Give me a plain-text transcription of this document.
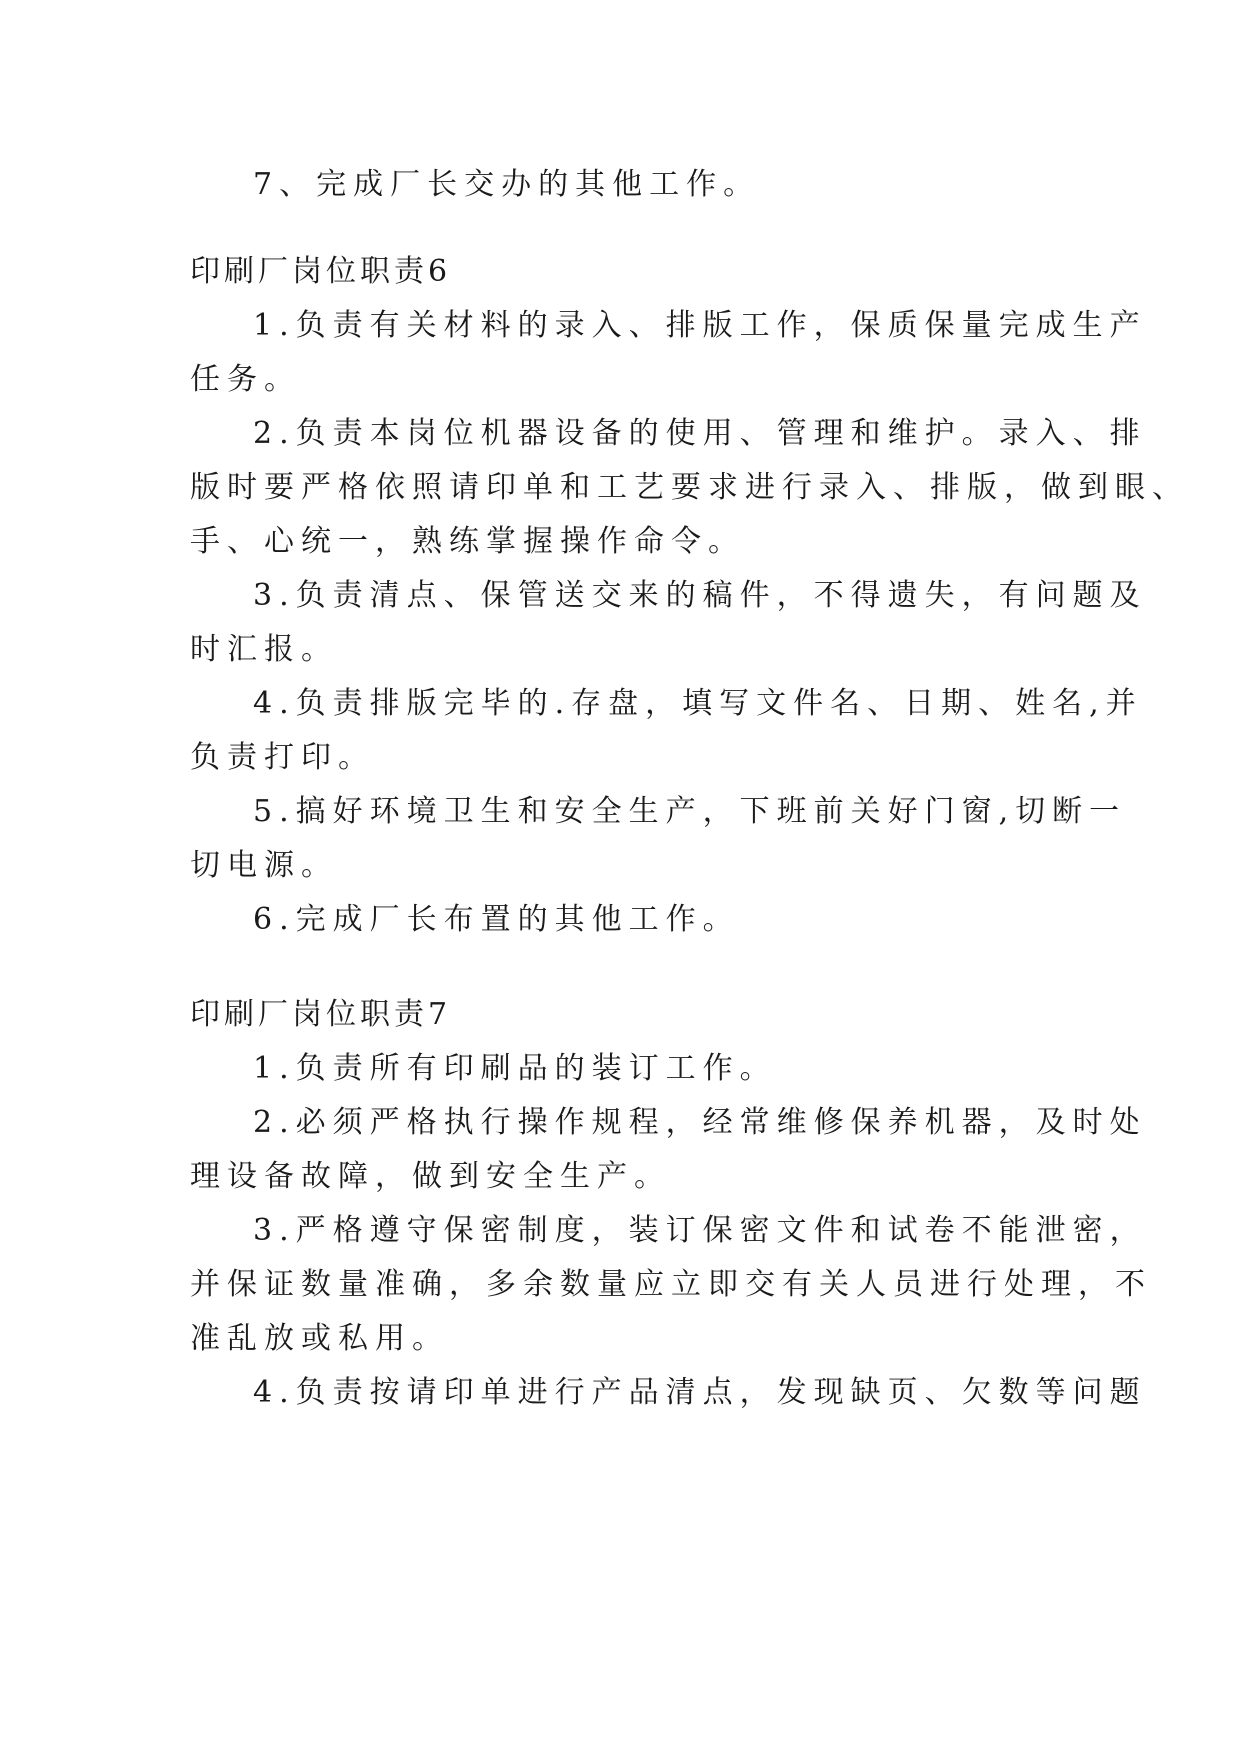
7、完成厂长交办的其他工作。
印刷厂岗位职责6
1.负责有关材料的录入、排版工作，保质保量完成生产
任务。
2.负责本岗位机器设备的使用、管理和维护。录入、排
版时要严格依照请印单和工艺要求进行录入、排版，做到眼、
手、心统一，熟练掌握操作命令。
3.负责清点、保管送交来的稿件，不得遗失，有问题及
时汇报。
4.负责排版完毕的.存盘，填写文件名、日期、姓名,并
负责打印。
5.搞好环境卫生和安全生产，下班前关好门窗,切断一
切电源。
6.完成厂长布置的其他工作。
印刷厂岗位职责7
1.负责所有印刷品的装订工作。
2.必须严格执行操作规程，经常维修保养机器，及时处
理设备故障，做到安全生产。
3.严格遵守保密制度，装订保密文件和试卷不能泄密，
并保证数量准确，多余数量应立即交有关人员进行处理，不
准乱放或私用。
4.负责按请印单进行产品清点，发现缺页、欠数等问题
